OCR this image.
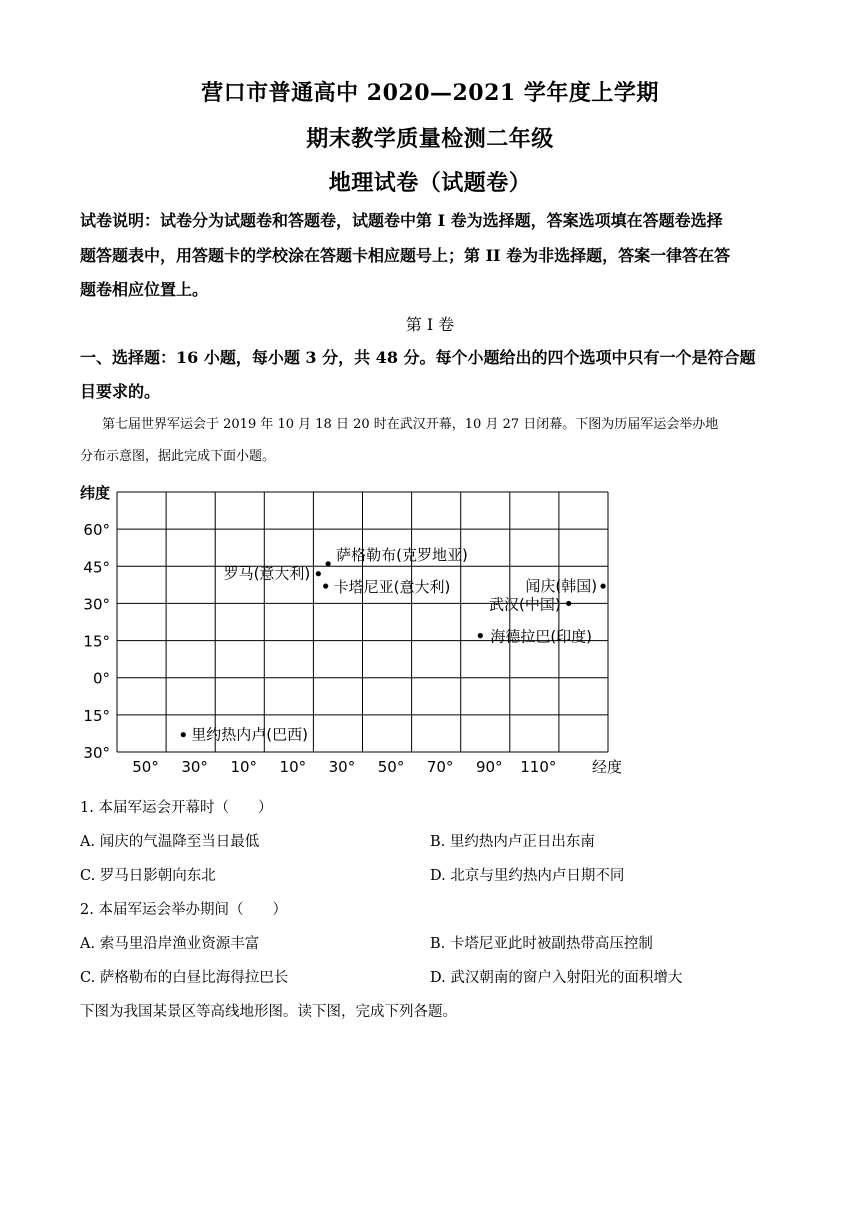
营口市普通高中 2020—2021 学年度上学期
期末教学质量检测二年级
地理试卷（试题卷）
试卷说明：试卷分为试题卷和答题卷，试题卷中第 I 卷为选择题，答案选项填在答题卷选择
题答题表中，用答题卡的学校涂在答题卡相应题号上；第 II 卷为非选择题，答案一律答在答
题卷相应位置上。
第 I 卷
一、选择题：16 小题，每小题 3 分，共 48 分。每个小题给出的四个选项中只有一个是符合题
目要求的。
第七届世界军运会于 2019 年 10 月 18 日 20 时在武汉开幕，10 月 27 日闭幕。下图为历届军运会举办地
分布示意图，据此完成下面小题。
60°
45°
30°
15°
0°
15°
30°
50° 30° 10° 10° 30° 50° 70° 90° 110°
萨格勒布(克罗地亚)
罗马(意大利)
卡塔尼亚(意大利)	闻庆(韩国)
武汉(中国)
海德拉巴(印度)
里约热内卢(巴西)
纬度
经度
1. 本届军运会开幕时（　　）
A. 闻庆的气温降至当日最低	B. 里约热内卢正日出东南
C. 罗马日影朝向东北	D. 北京与里约热内卢日期不同
2. 本届军运会举办期间（　　）
A. 索马里沿岸渔业资源丰富	B. 卡塔尼亚此时被副热带高压控制
C. 萨格勒布的白昼比海得拉巴长	D. 武汉朝南的窗户入射阳光的面积增大
下图为我国某景区等高线地形图。读下图，完成下列各题。
